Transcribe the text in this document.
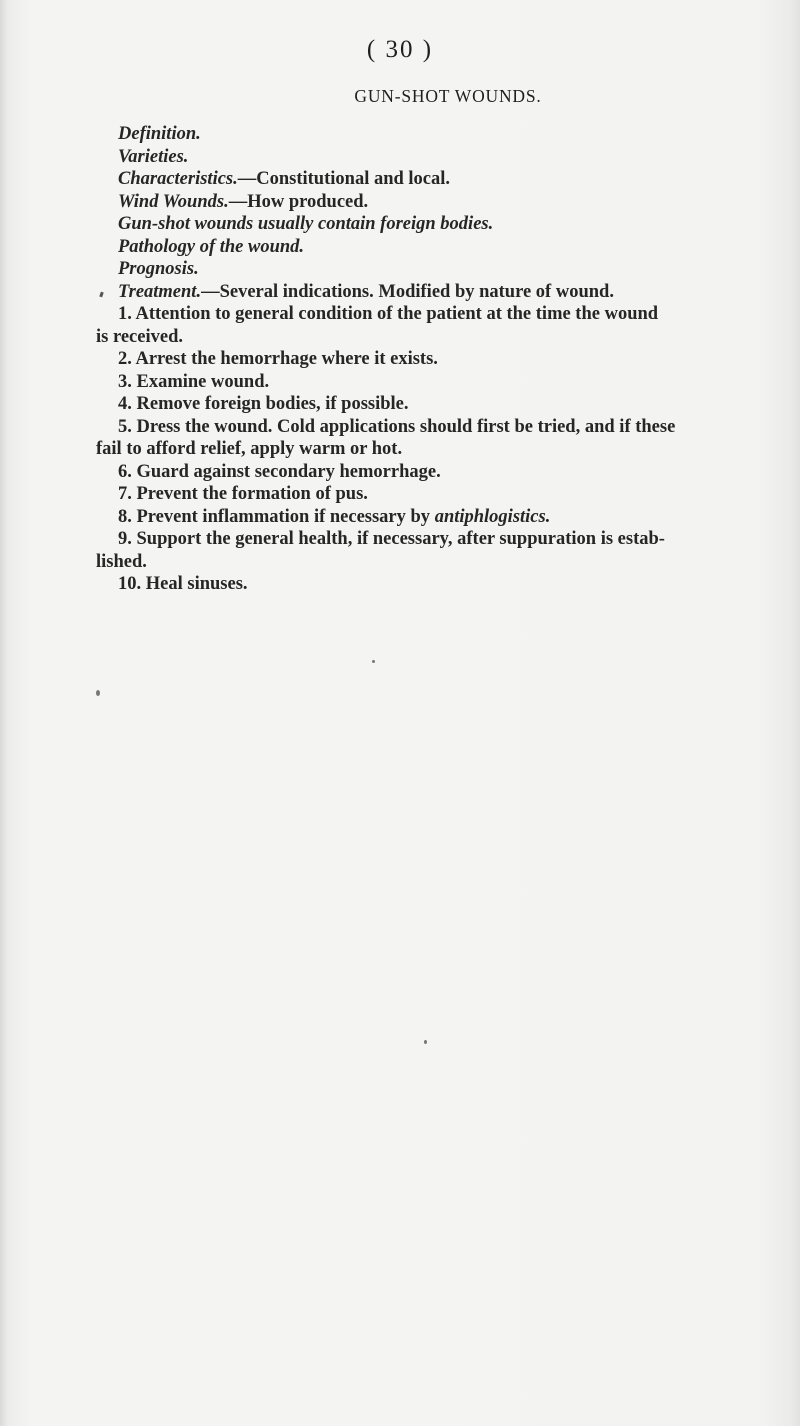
( 30 )
GUN-SHOT WOUNDS.
Definition.
Varieties.
Characteristics.—Constitutional and local.
Wind Wounds.—How produced.
Gun-shot wounds usually contain foreign bodies.
Pathology of the wound.
Prognosis.
Treatment.—Several indications. Modified by nature of wound.
1. Attention to general condition of the patient at the time the wound
is received.
2. Arrest the hemorrhage where it exists.
3. Examine wound.
4. Remove foreign bodies, if possible.
5. Dress the wound. Cold applications should first be tried, and if these
fail to afford relief, apply warm or hot.
6. Guard against secondary hemorrhage.
7. Prevent the formation of pus.
8. Prevent inflammation if necessary by antiphlogistics.
9. Support the general health, if necessary, after suppuration is estab-
lished.
10. Heal sinuses.
